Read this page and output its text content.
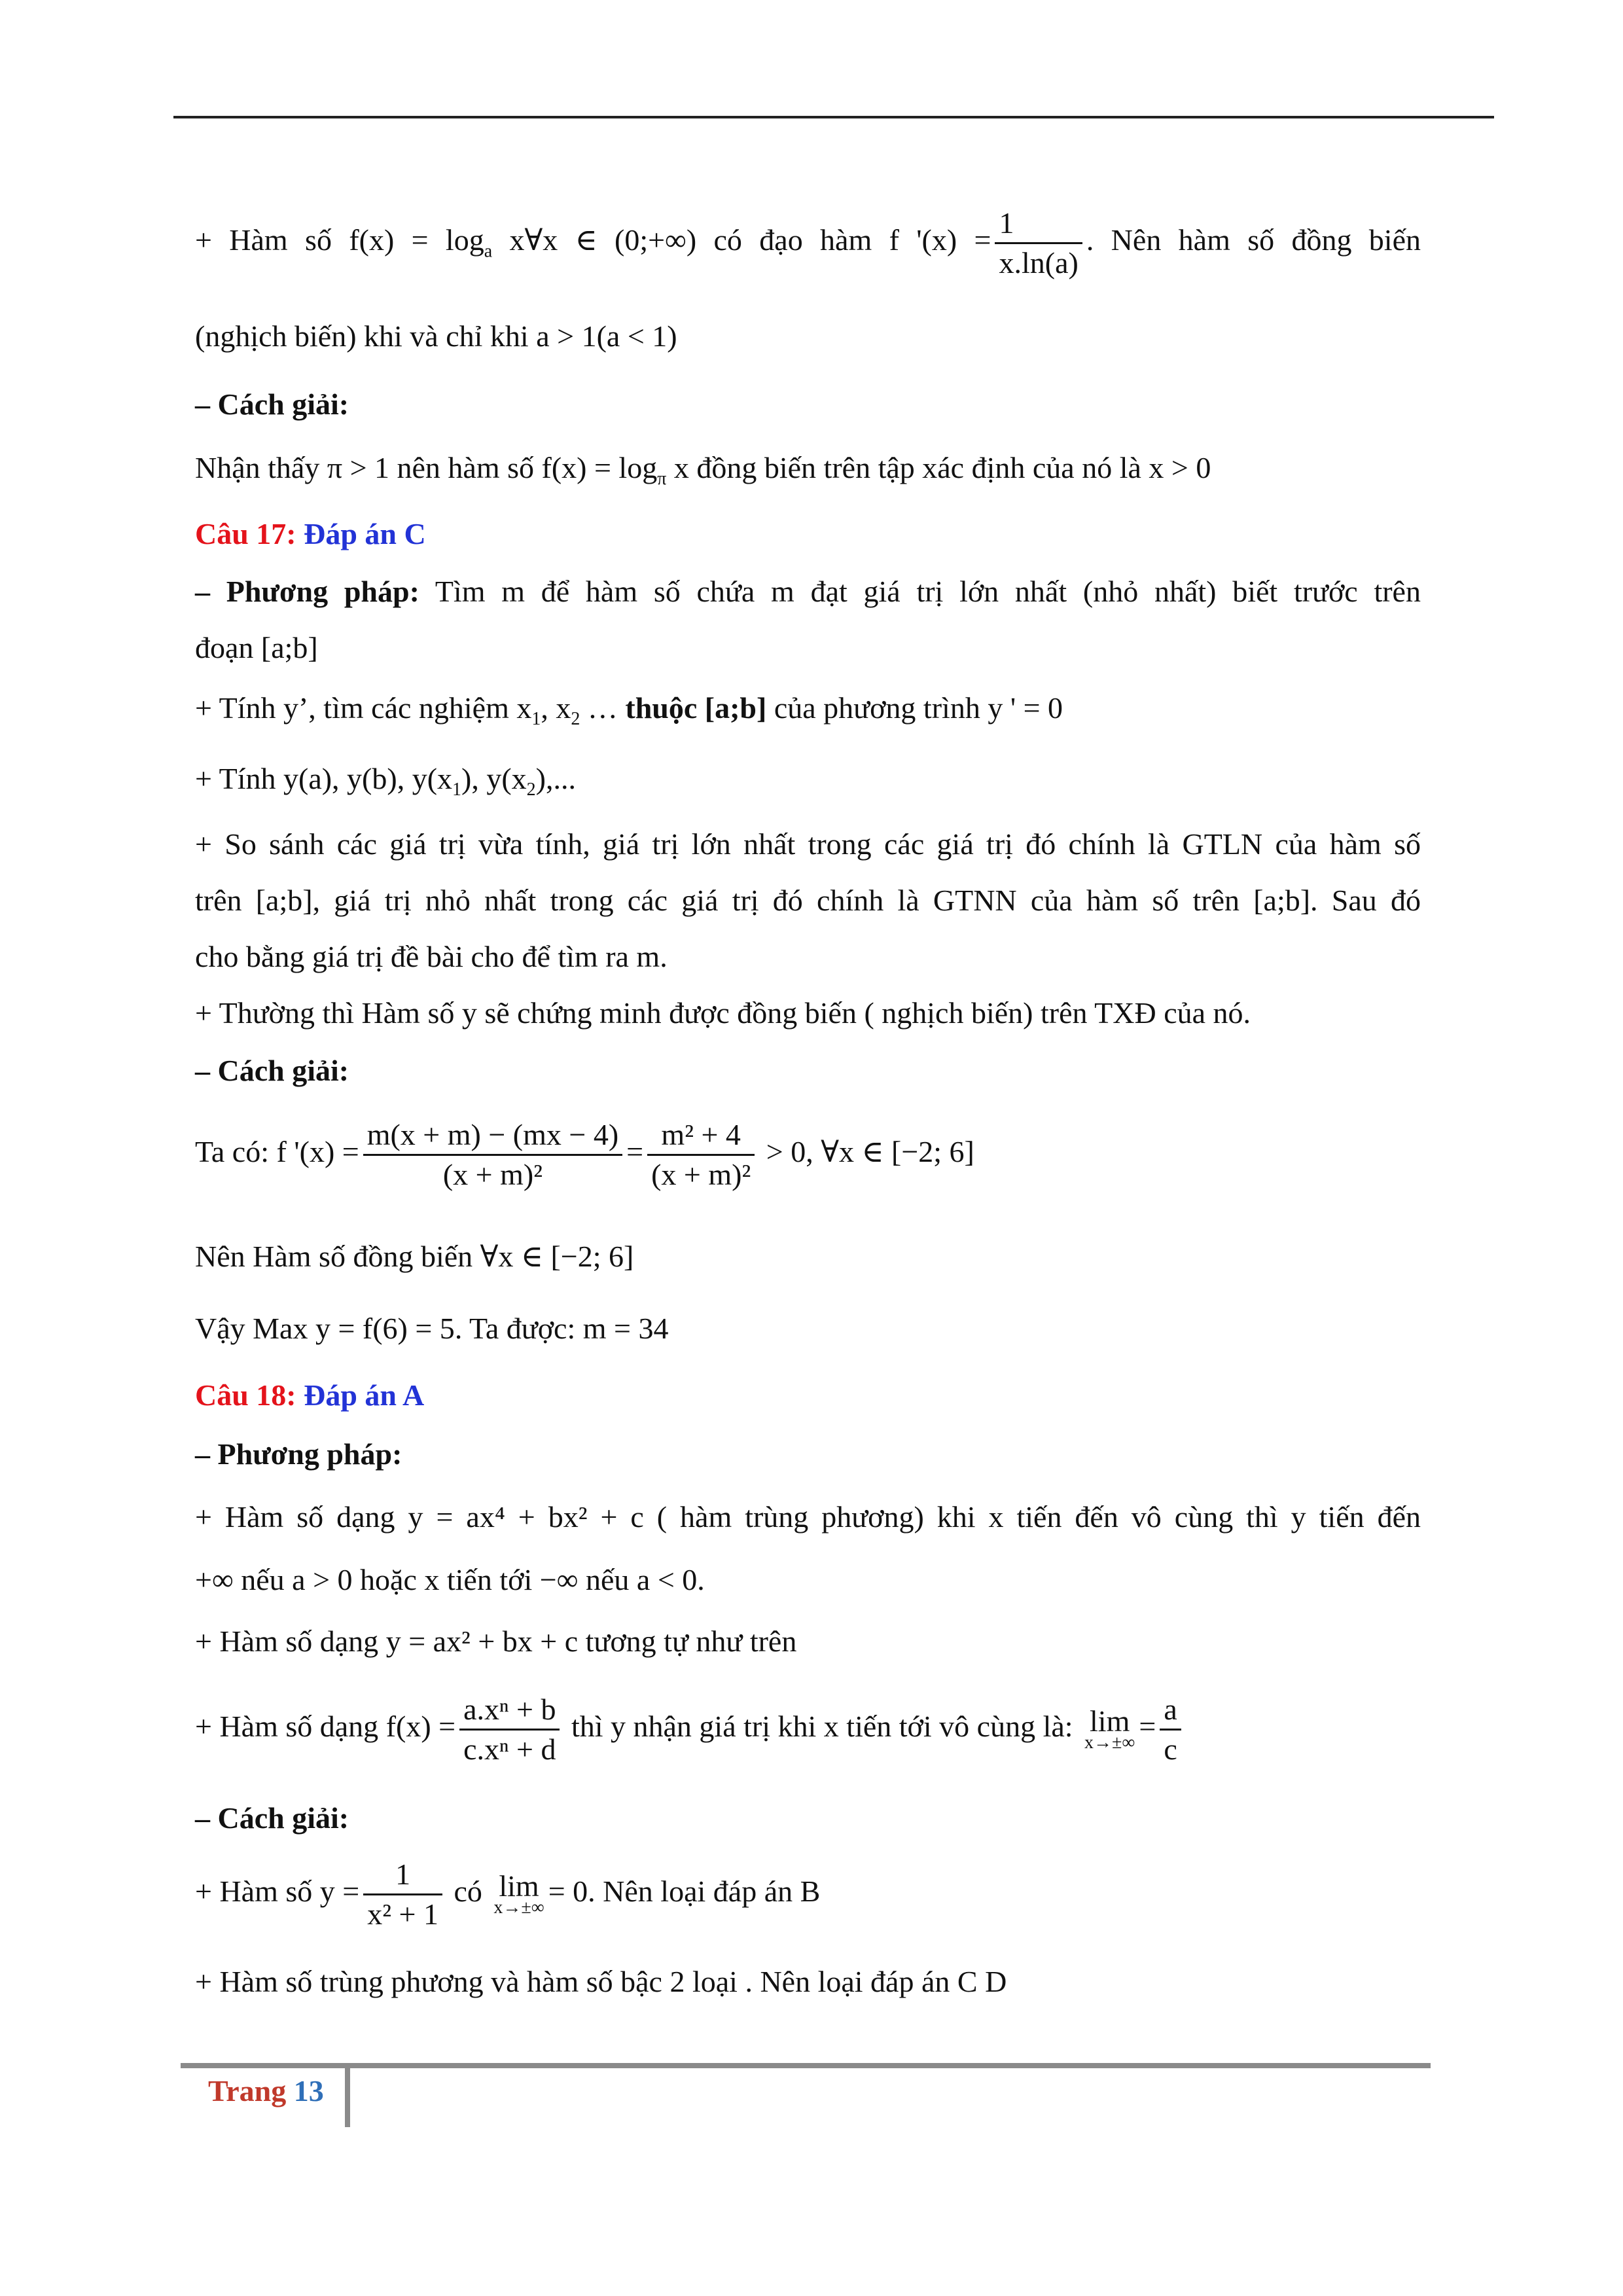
+ Hàm số $f(x) = \log_a$ x∀x ∈ (0;+∞) có đạo hàm f '$(x) = \frac{1}{x.\ln(a)}$ . Nên hàm số đồng biến
(nghịch biến) khi và chỉ khi a > 1(a < 1)
– Cách giải:
Nhận thấy π > 1 nên hàm số $f(x) = \log_\pi x$ đồng biến trên tập xác định của nó là x > 0
Câu 17: Đáp án C
– Phương pháp: Tìm m để hàm số chứa m đạt giá trị lớn nhất (nhỏ nhất) biết trước trên
đoạn [a;b]
+ Tính y’, tìm các nghiệm $x_1$, $x_2$ … thuộc [a;b] của phương trình y ' = 0
+ Tính y(a), y(b), $y(x_1)$, $y(x_2)$,...
+ So sánh các giá trị vừa tính, giá trị lớn nhất trong các giá trị đó chính là GTLN của hàm số
trên [a;b], giá trị nhỏ nhất trong các giá trị đó chính là GTNN của hàm số trên [a;b]. Sau đó
cho bằng giá trị đề bài cho để tìm ra m.
+ Thường thì Hàm số y sẽ chứng minh được đồng biến ( nghịch biến) trên TXĐ của nó.
– Cách giải:
Ta có: f '$(x) = \frac{m(x + m) - (mx - 4)}{\text{(x + m)²}} = \frac{\text{m² + 4}}{\text{(x + m)²}} > 0$, ∀x ∈ [−2; 6]
Nên Hàm số đồng biến ∀x ∈ [−2; 6]
Vậy Max y = f(6) = 5. Ta được: m = 34
Câu 18: Đáp án A
– Phương pháp:
+ Hàm số dạng y = ax⁴ + bx² + c ( hàm trùng phương) khi x tiến đến vô cùng thì y tiến đến
+∞ nếu a > 0 hoặc x tiến tới −∞ nếu a < 0.
+ Hàm số dạng y = ax² + bx + c tương tự như trên
+ Hàm số dạng $f(x) = \frac{\text{a.xⁿ + b}}{\text{c.xⁿ + d}}$ thì y nhận giá trị khi x tiến tới vô cùng là: lim
$x\to\pm\infty = \frac{a}{c}$
– Cách giải:
+ Hàm số $y = \frac{1}{\text{x² + 1}}$ có lim
x→±∞ = 0. Nên loại đáp án B
+ Hàm số trùng phương và hàm số bậc 2 loại . Nên loại đáp án C D
Trang 13
